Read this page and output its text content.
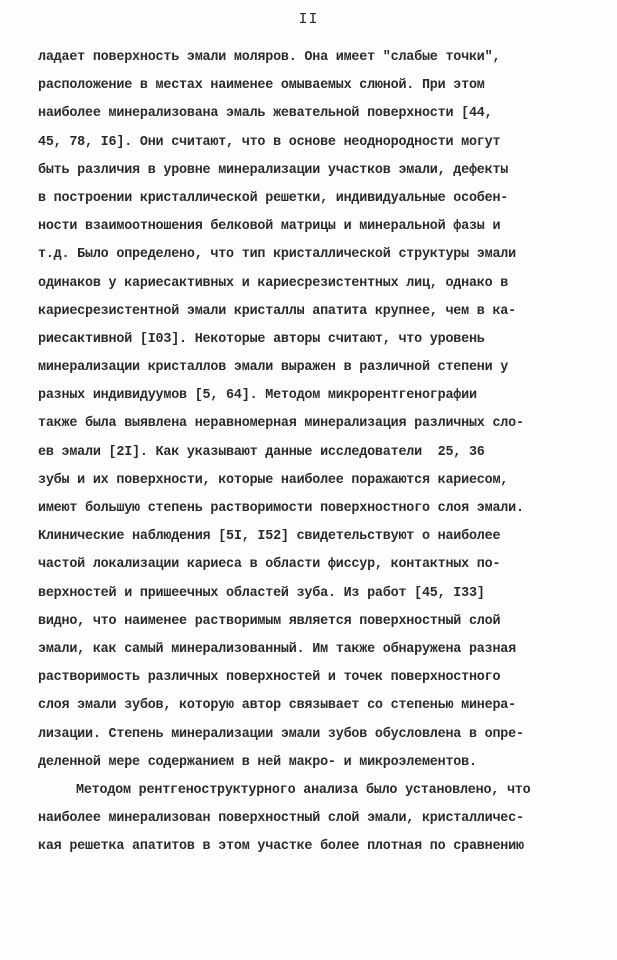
II
ладает поверхность эмали моляров. Она имеет "слабые точки",
расположение в местах наименее омываемых слюной. При этом
наиболее минерализована эмаль жевательной поверхности [44,
45, 78, I6]. Они считают, что в основе неоднородности могут
быть различия в уровне минерализации участков эмали, дефекты
в построении кристаллической решетки, индивидуальные особен-
ности взаимоотношения белковой матрицы и минеральной фазы и
т.д. Было определено, что тип кристаллической структуры эмали
одинаков у кариесактивных и кариесрезистентных лиц, однако в
кариесрезистентной эмали кристаллы апатита крупнее, чем в ка-
риесактивной [I03]. Некоторые авторы считают, что уровень
минерализации кристаллов эмали выражен в различной степени у
разных индивидуумов [5, 64]. Методом микрорентгенографии
также была выявлена неравномерная минерализация различных сло-
ев эмали [2I]. Как указывают данные исследователи  25, 36
зубы и их поверхности, которые наиболее поражаются кариесом,
имеют большую степень растворимости поверхностного слоя эмали.
Клинические наблюдения [5I, I52] свидетельствуют о наиболее
частой локализации кариеса в области фиссур, контактных по-
верхностей и пришеечных областей зуба. Из работ [45, I33]
видно, что наименее растворимым является поверхностный слой
эмали, как самый минерализованный. Им также обнаружена разная
растворимость различных поверхностей и точек поверхностного
слоя эмали зубов, которую автор связывает со степенью минера-
лизации. Степень минерализации эмали зубов обусловлена в опре-
деленной мере содержанием в ней макро- и микроэлементов.
Методом рентгеноструктурного анализа было установлено, что
наиболее минерализован поверхностный слой эмали, кристалличес-
кая решетка апатитов в этом участке более плотная по сравнению
